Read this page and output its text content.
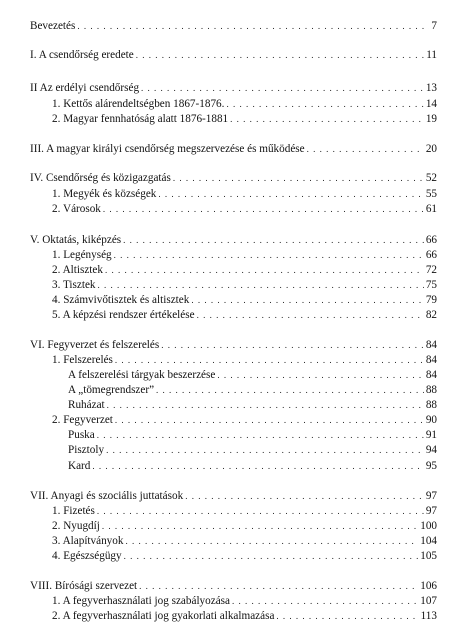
Bevezetés . . .	7
I. A csendőrség eredete . . .	11
II Az erdélyi csendőrség . . .	13
1. Kettős alárendeltségben 1867-1876. . . .	14
2. Magyar fennhatóság alatt 1876-1881 . . .	19
III. A magyar királyi csendőrség megszervezése és működése . . .	20
IV. Csendőrség és közigazgatás . . .	52
1. Megyék és községek . . .	55
2. Városok . . .	61
V. Oktatás, kiképzés . . .	66
1. Legénység . . .	66
2. Altisztek . . .	72
3. Tisztek . . .	75
4. Számvivőtisztek és altisztek . . .	79
5. A képzési rendszer értékelése . . .	82
VI. Fegyverzet és felszerelés . . .	84
1. Felszerelés . . .	84
A felszerelési tárgyak beszerzése . . .	84
A „tömegrendszer” . . .	88
Ruházat . . .	88
2. Fegyverzet . . .	90
Puska . . .	91
Pisztoly . . .	94
Kard . . .	95
VII. Anyagi és szociális juttatások . . .	97
1. Fizetés . . .	97
2. Nyugdíj . . .	100
3. Alapítványok . . .	104
4. Egészségügy . . .	105
VIII. Bírósági szervezet . . .	106
1. A fegyverhasználati jog szabályozása . . .	107
2. A fegyverhasználati jog gyakorlati alkalmazása . . .	113
